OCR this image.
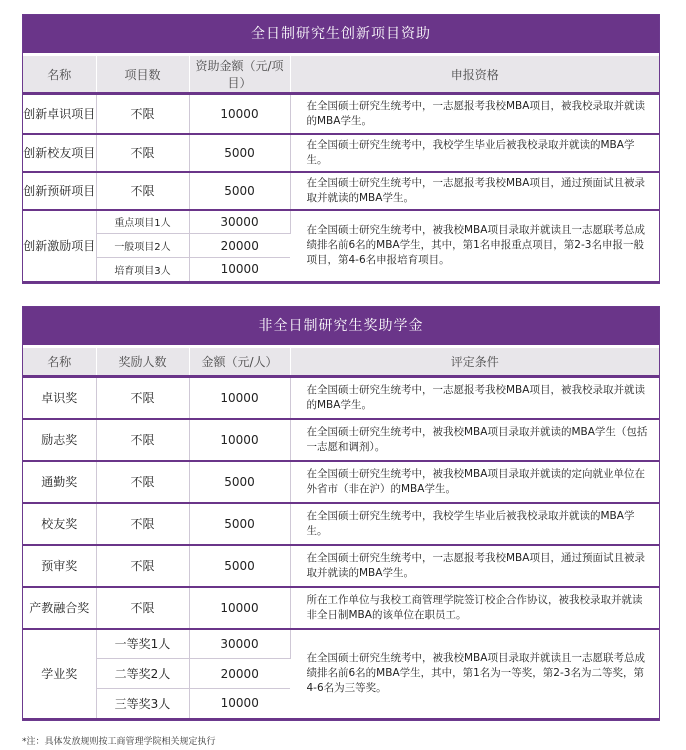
全日制研究生创新项目资助
名称	项目数	资助金额（元/项目）	申报资格
创新卓识项目	不限	10000	在全国硕士研究生统考中，一志愿报考我校MBA项目，被我校录取并就读的MBA学生。
创新校友项目	不限	5000	在全国硕士研究生统考中，我校学生毕业后被我校录取并就读的MBA学生。
创新预研项目	不限	5000	在全国硕士研究生统考中，一志愿报考我校MBA项目，通过预面试且被录取并就读的MBA学生。
创新激励项目	重点项目1人	30000	在全国硕士研究生统考中，被我校MBA项目录取并就读且一志愿联考总成绩排名前6名的MBA学生，其中，第1名申报重点项目，第2-3名申报一般项目，第4-6名申报培育项目。
	一般项目2人	20000	
	培育项目3人	10000	
非全日制研究生奖助学金
名称	奖励人数	金额（元/人）	评定条件
卓识奖	不限	10000	在全国硕士研究生统考中，一志愿报考我校MBA项目，被我校录取并就读的MBA学生。
励志奖	不限	10000	在全国硕士研究生统考中，被我校MBA项目录取并就读的MBA学生（包括一志愿和调剂）。
通勤奖	不限	5000	在全国硕士研究生统考中，被我校MBA项目录取并就读的定向就业单位在外省市（非在沪）的MBA学生。
校友奖	不限	5000	在全国硕士研究生统考中，我校学生毕业后被我校录取并就读的MBA学生。
预审奖	不限	5000	在全国硕士研究生统考中，一志愿报考我校MBA项目，通过预面试且被录取并就读的MBA学生。
产教融合奖	不限	10000	所在工作单位与我校工商管理学院签订校企合作协议，被我校录取并就读非全日制MBA的该单位在职员工。
学业奖	一等奖1人	30000	在全国硕士研究生统考中，被我校MBA项目录取并就读且一志愿联考总成绩排名前6名的MBA学生，其中，第1名为一等奖，第2-3名为二等奖，第4-6名为三等奖。
	二等奖2人	20000	
	三等奖3人	10000	
*注：具体发放规则按工商管理学院相关规定执行
